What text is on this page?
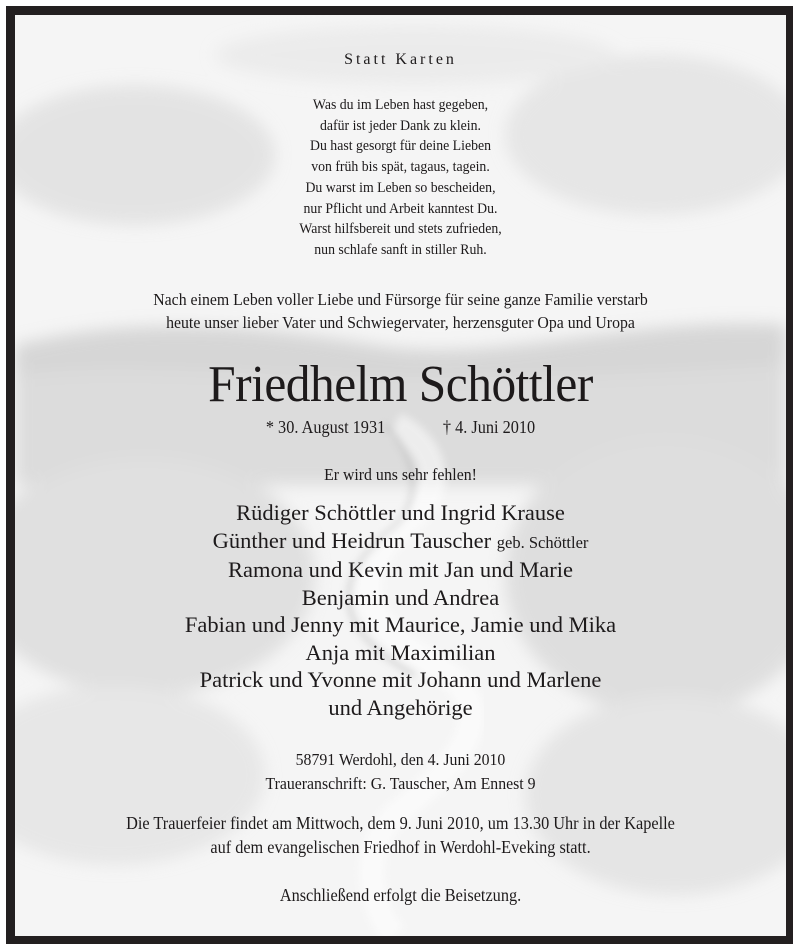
Statt Karten
Was du im Leben hast gegeben,
dafür ist jeder Dank zu klein.
Du hast gesorgt für deine Lieben
von früh bis spät, tagaus, tagein.
Du warst im Leben so bescheiden,
nur Pflicht und Arbeit kanntest Du.
Warst hilfsbereit und stets zufrieden,
nun schlafe sanft in stiller Ruh.
Nach einem Leben voller Liebe und Fürsorge für seine ganze Familie verstarb
heute unser lieber Vater und Schwiegervater, herzensguter Opa und Uropa
Friedhelm Schöttler
* 30. August 1931	† 4. Juni 2010
Er wird uns sehr fehlen!
Rüdiger Schöttler und Ingrid Krause
Günther und Heidrun Tauscher geb. Schöttler
Ramona und Kevin mit Jan und Marie
Benjamin und Andrea
Fabian und Jenny mit Maurice, Jamie und Mika
Anja mit Maximilian
Patrick und Yvonne mit Johann und Marlene
und Angehörige
58791 Werdohl, den 4. Juni 2010
Traueranschrift: G. Tauscher, Am Ennest 9
Die Trauerfeier findet am Mittwoch, dem 9. Juni 2010, um 13.30 Uhr in der Kapelle
auf dem evangelischen Friedhof in Werdohl-Eveking statt.
Anschließend erfolgt die Beisetzung.
